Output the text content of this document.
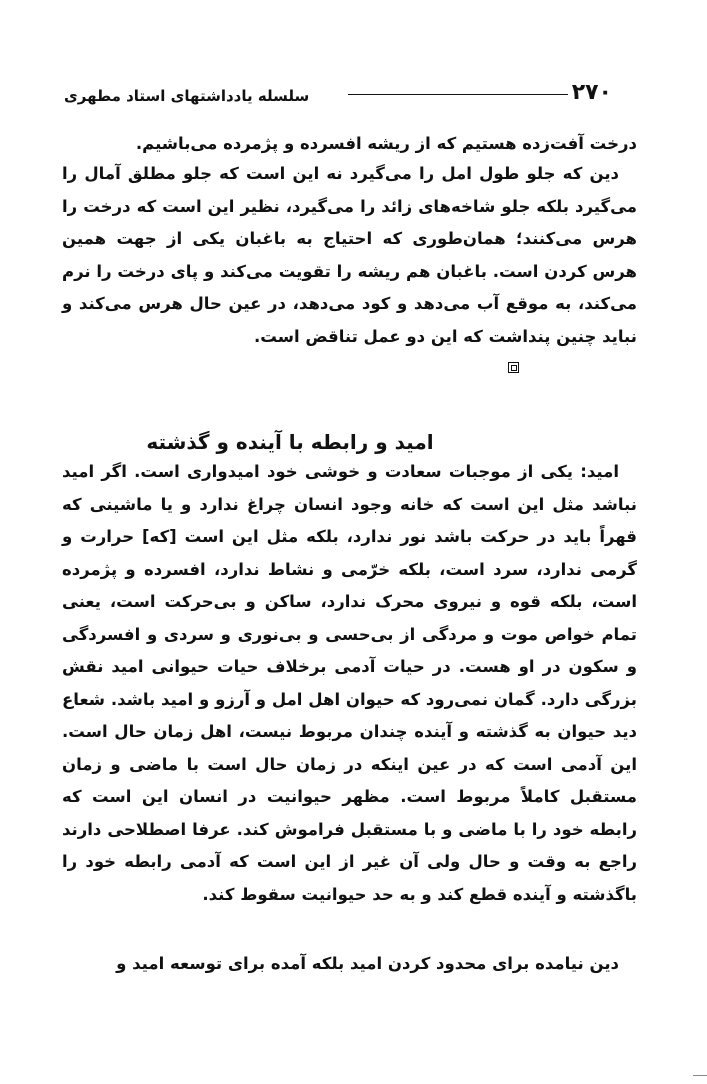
۲۷۰
سلسله یادداشتهای استاد مطهری

درخت آفت‌زده هستیم که از ریشه افسرده و پژمرده می‌باشیم.

دین که جلو طول امل را می‌گیرد نه این است که جلو مطلق آمال را می‌گیرد بلکه جلو شاخه‌های زائد را می‌گیرد، نظیر این است که درخت را هرس می‌کنند؛ همان‌طوری که احتیاج به باغبان یکی از جهت همین هرس کردن است. باغبان هم ریشه را تقویت می‌کند و پای درخت را نرم می‌کند، به موقع آب می‌دهد و کود می‌دهد، در عین حال هرس می‌کند و نباید چنین پنداشت که این دو عمل تناقض است.

امید و رابطه با آینده و گذشته

امید: یکی از موجبات سعادت و خوشی خود امیدواری است. اگر امید نباشد مثل این است که خانه وجود انسان چراغ ندارد و یا ماشینی که قهراً باید در حرکت باشد نور ندارد، بلکه مثل این است [که] حرارت و گرمی ندارد، سرد است، بلکه خرّمی و نشاط ندارد، افسرده و پژمرده است، بلکه قوه و نیروی محرک ندارد، ساکن و بی‌حرکت است، یعنی تمام خواص موت و مردگی از بی‌حسی و بی‌نوری و سردی و افسردگی و سکون در او هست. در حیات آدمی برخلاف حیات حیوانی امید نقش بزرگی دارد. گمان نمی‌رود که حیوان اهل امل و آرزو و امید باشد. شعاع دید حیوان به گذشته و آینده چندان مربوط نیست، اهل زمان حال است. این آدمی است که در عین اینکه در زمان حال است با ماضی و زمان مستقبل کاملاً مربوط است. مظهر حیوانیت در انسان این است که رابطه خود را با ماضی و با مستقبل فراموش کند. عرفا اصطلاحی دارند راجع به وقت و حال ولی آن غیر از این است که آدمی رابطه خود را باگذشته و آینده قطع کند و به حد حیوانیت سقوط کند.

دین نیامده برای محدود کردن امید بلکه آمده برای توسعه امید و
